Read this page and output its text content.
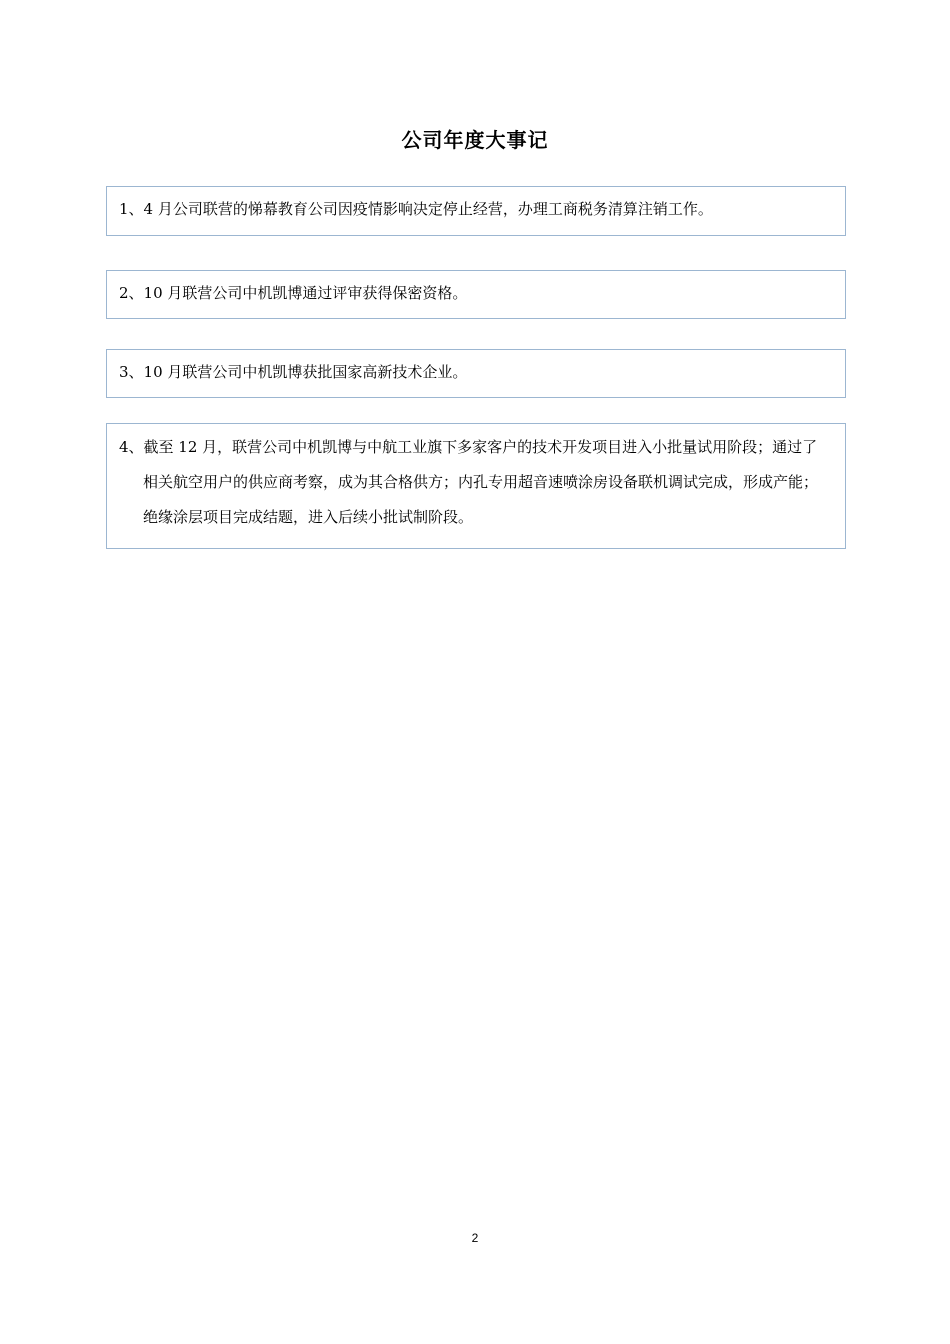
公司年度大事记
1、4 月公司联营的悌幕教育公司因疫情影响决定停止经营，办理工商税务清算注销工作。
2、10 月联营公司中机凯博通过评审获得保密资格。
3、10 月联营公司中机凯博获批国家高新技术企业。
4、截至 12 月，联营公司中机凯博与中航工业旗下多家客户的技术开发项目进入小批量试用阶段；通过了相关航空用户的供应商考察，成为其合格供方；内孔专用超音速喷涂房设备联机调试完成，形成产能；绝缘涂层项目完成结题，进入后续小批试制阶段。
2
